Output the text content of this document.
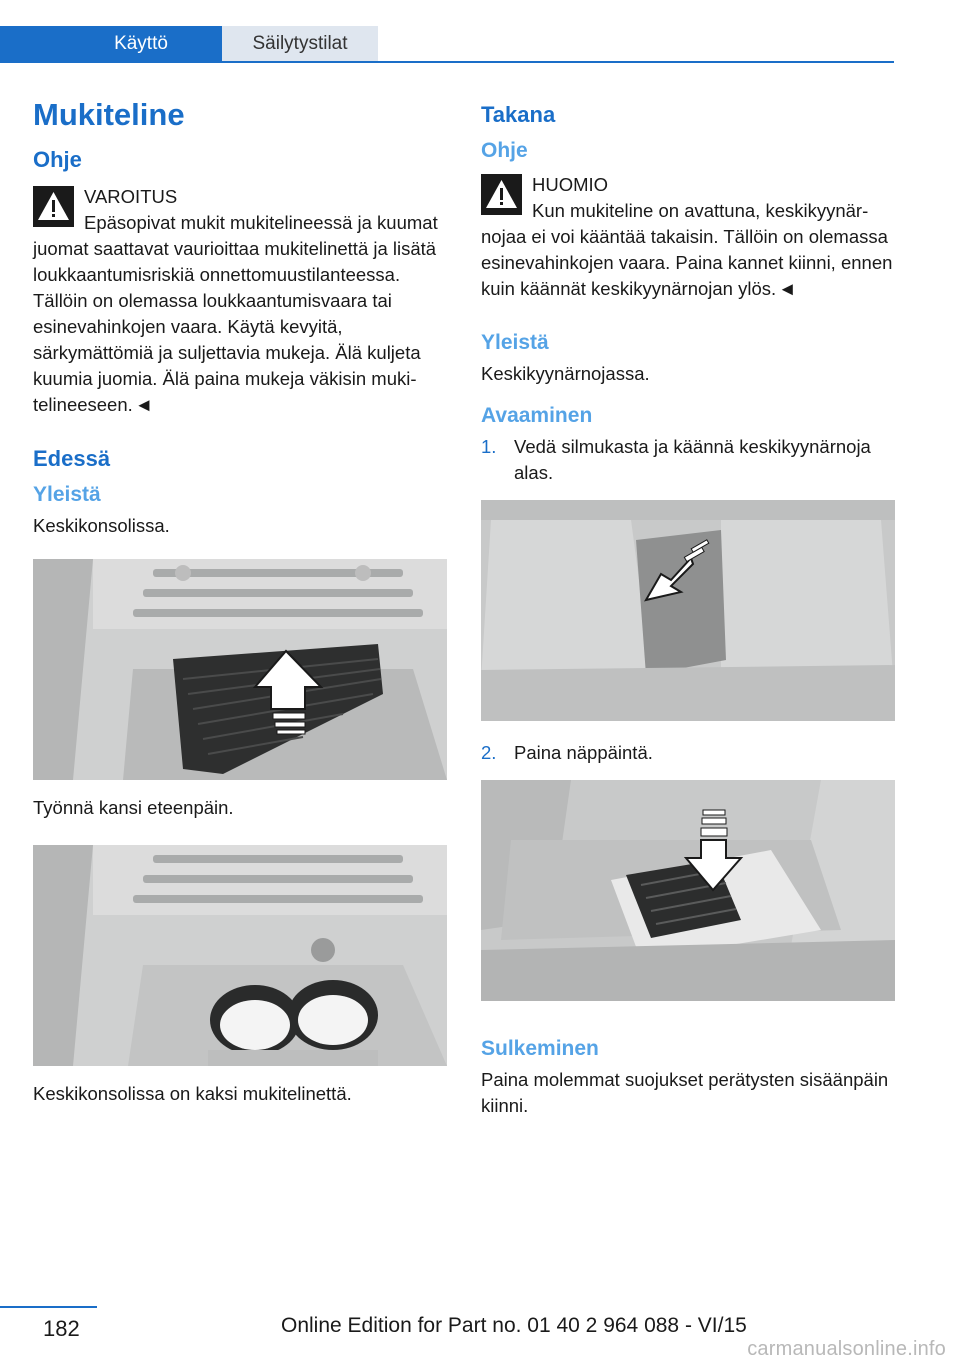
Käyttö	Säilytystilat
Mukiteline
Ohje
VAROITUS
Epäsopivat mukit mukitelineessä ja kuumat juomat saattavat vaurioittaa mukitelinettä ja lisätä loukkaantumisriskiä onnettomuustilanteessa. Tällöin on olemassa loukkaantumisvaara tai esinevahinkojen vaara. Käytä kevyitä, särkymättömiä ja suljettavia mukeja. Älä kuljeta kuumia juomia. Älä paina mukeja väkisin mukitelineeseen. ◄
Edessä
Yleistä
Keskikonsolissa.
Työnnä kansi eteenpäin.
Keskikonsolissa on kaksi mukitelinettä.
Takana
Ohje
HUOMIO
Kun mukiteline on avattuna, keskikyynärnojaa ei voi kääntää takaisin. Tällöin on olemassa esinevahinkojen vaara. Paina kannet kiinni, ennen kuin käännät keskikyynärnojan ylös. ◄
Yleistä
Keskikyynärnojassa.
Avaaminen
1. Vedä silmukasta ja käännä keskikyynärnoja alas.
2. Paina näppäintä.
Sulkeminen
Paina molemmat suojukset perätysten sisäänpäin kiinni.
182	Online Edition for Part no. 01 40 2 964 088 - VI/15
carmanualsonline.info
